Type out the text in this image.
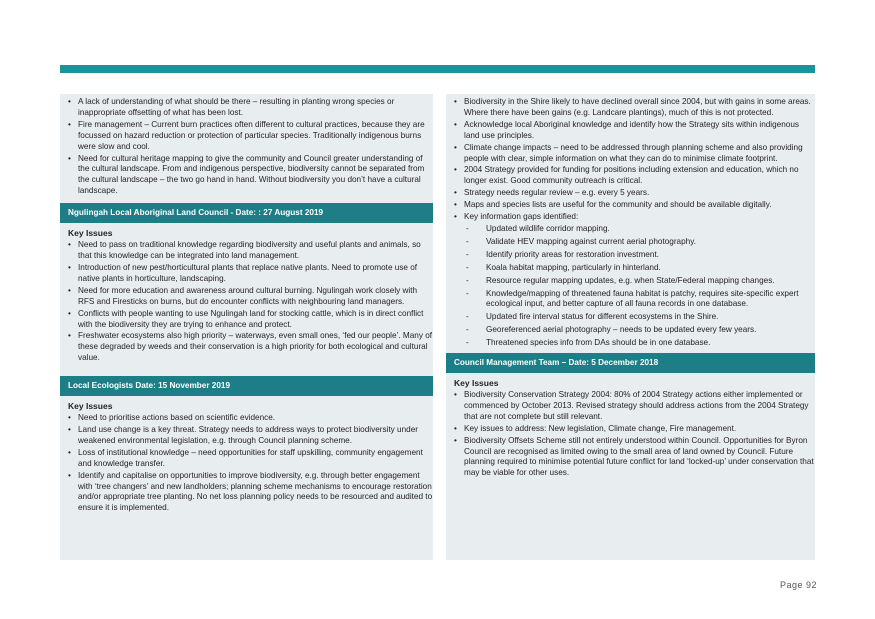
• A lack of understanding of what should be there – resulting in planting wrong species or inappropriate offsetting of what has been lost.
• Fire management – Current burn practices often different to cultural practices, because they are focussed on hazard reduction or protection of particular species. Traditionally indigenous burns were slow and cool.
• Need for cultural heritage mapping to give the community and Council greater understanding of the cultural landscape. From and indigenous perspective, biodiversity cannot be separated from the cultural landscape – the two go hand in hand. Without biodiversity you don’t have a cultural landscape.
Ngulingah Local Aboriginal Land Council - Date: : 27 August 2019
Key Issues
• Need to pass on traditional knowledge regarding biodiversity and useful plants and animals, so that this knowledge can be integrated into land management.
• Introduction of new pest/horticultural plants that replace native plants. Need to promote use of native plants in horticulture, landscaping.
• Need for more education and awareness around cultural burning. Ngulingah work closely with RFS and Firesticks on burns, but do encounter conflicts with neighbouring land managers.
• Conflicts with people wanting to use Ngulingah land for stocking cattle, which is in direct conflict with the biodiversity they are trying to enhance and protect.
• Freshwater ecosystems also high priority – waterways, even small ones, ‘fed our people’. Many of these degraded by weeds and their conservation is a high priority for both ecological and cultural value.
Local Ecologists Date: 15 November 2019
Key Issues
• Need to prioritise actions based on scientific evidence.
• Land use change is a key threat. Strategy needs to address ways to protect biodiversity under weakened environmental legislation, e.g. through Council planning scheme.
• Loss of institutional knowledge – need opportunities for staff upskilling, community engagement and knowledge transfer.
• Identify and capitalise on opportunities to improve biodiversity, e.g. through better engagement with ‘tree changers’ and new landholders; planning scheme mechanisms to encourage restoration and/or appropriate tree planting. No net loss planning policy needs to be resourced and audited to ensure it is implemented.
• Biodiversity in the Shire likely to have declined overall since 2004, but with gains in some areas. Where there have been gains (e.g. Landcare plantings), much of this is not protected.
• Acknowledge local Aboriginal knowledge and identify how the Strategy sits within indigenous land use principles.
• Climate change impacts – need to be addressed through planning scheme and also providing people with clear, simple information on what they can do to minimise climate footprint.
• 2004 Strategy provided for funding for positions including extension and education, which no longer exist. Good community outreach is critical.
• Strategy needs regular review – e.g. every 5 years.
• Maps and species lists are useful for the community and should be available digitally.
• Key information gaps identified:
- Updated wildlife corridor mapping.
- Validate HEV mapping against current aerial photography.
- Identify priority areas for restoration investment.
- Koala habitat mapping, particularly in hinterland.
- Resource regular mapping updates, e.g. when State/Federal mapping changes.
- Knowledge/mapping of threatened fauna habitat is patchy, requires site-specific expert ecological input, and better capture of all fauna records in one database.
- Updated fire interval status for different ecosystems in the Shire.
- Georeferenced aerial photography – needs to be updated every few years.
- Threatened species info from DAs should be in one database.
Council Management Team – Date: 5 December 2018
Key Issues
• Biodiversity Conservation Strategy 2004: 80% of 2004 Strategy actions either implemented or commenced by October 2013. Revised strategy should address actions from the 2004 Strategy that are not complete but still relevant.
• Key issues to address: New legislation, Climate change, Fire management.
• Biodiversity Offsets Scheme still not entirely understood within Council. Opportunities for Byron Council are recognised as limited owing to the small area of land owned by Council. Future planning required to minimise potential future conflict for land ‘locked-up’ under conservation that may be viable for other uses.
Page 92
